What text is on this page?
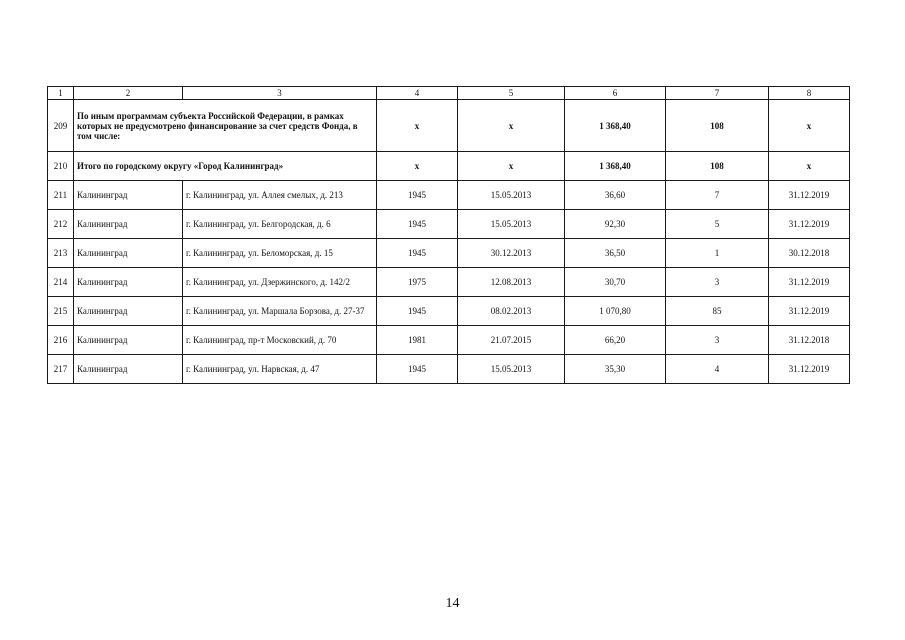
1	2	3	4	5	6	7	8
209	По иным программам субъекта Российской Федерации, в рамках которых не предусмотрено финансирование за счет средств Фонда, в том числе:		x	x	1 368,40	108	x
210	Итого по городскому округу «Город Калининград»		x	x	1 368,40	108	x
211	Калининград	г. Калининград, ул. Аллея смелых, д. 213	1945	15.05.2013	36,60	7	31.12.2019
212	Калининград	г. Калининград, ул. Белгородская, д. 6	1945	15.05.2013	92,30	5	31.12.2019
213	Калининград	г. Калининград, ул. Беломорская, д. 15	1945	30.12.2013	36,50	1	30.12.2018
214	Калининград	г. Калининград, ул. Дзержинского, д. 142/2	1975	12.08.2013	30,70	3	31.12.2019
215	Калининград	г. Калининград, ул. Маршала Борзова, д. 27-37	1945	08.02.2013	1 070,80	85	31.12.2019
216	Калининград	г. Калининград, пр-т Московский, д. 70	1981	21.07.2015	66,20	3	31.12.2018
217	Калининград	г. Калининград, ул. Нарвская, д. 47	1945	15.05.2013	35,30	4	31.12.2019
14
